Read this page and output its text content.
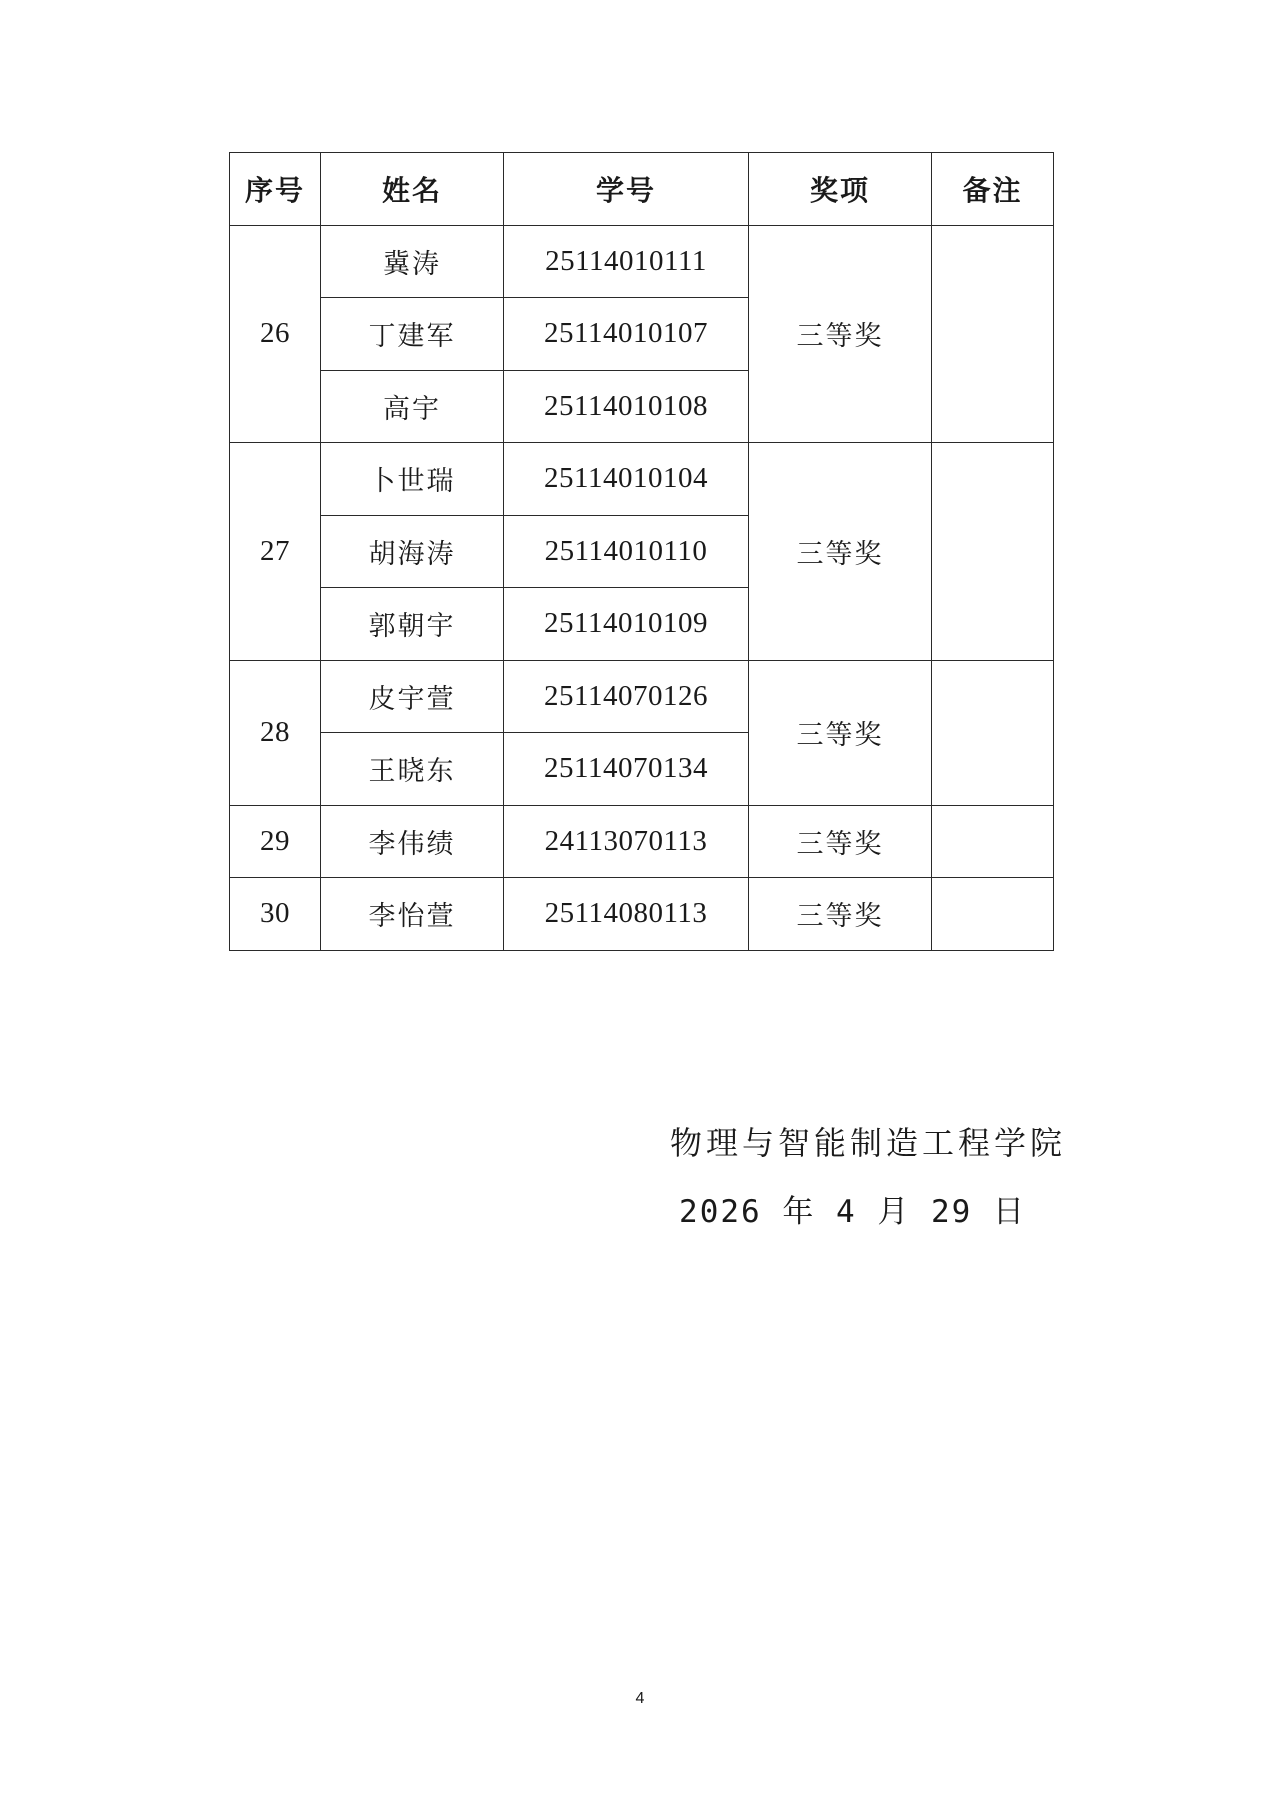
序号	姓名	学号	奖项	备注
26	冀涛	25114010111	三等奖	
	丁建军	25114010107		
	高宇	25114010108		
27	卜世瑞	25114010104	三等奖	
	胡海涛	25114010110		
	郭朝宇	25114010109		
28	皮宇萱	25114070126	三等奖	
	王晓东	25114070134		
29	李伟绩	24113070113	三等奖	
30	李怡萱	25114080113	三等奖	
物理与智能制造工程学院
2026 年 4 月 29 日
4
